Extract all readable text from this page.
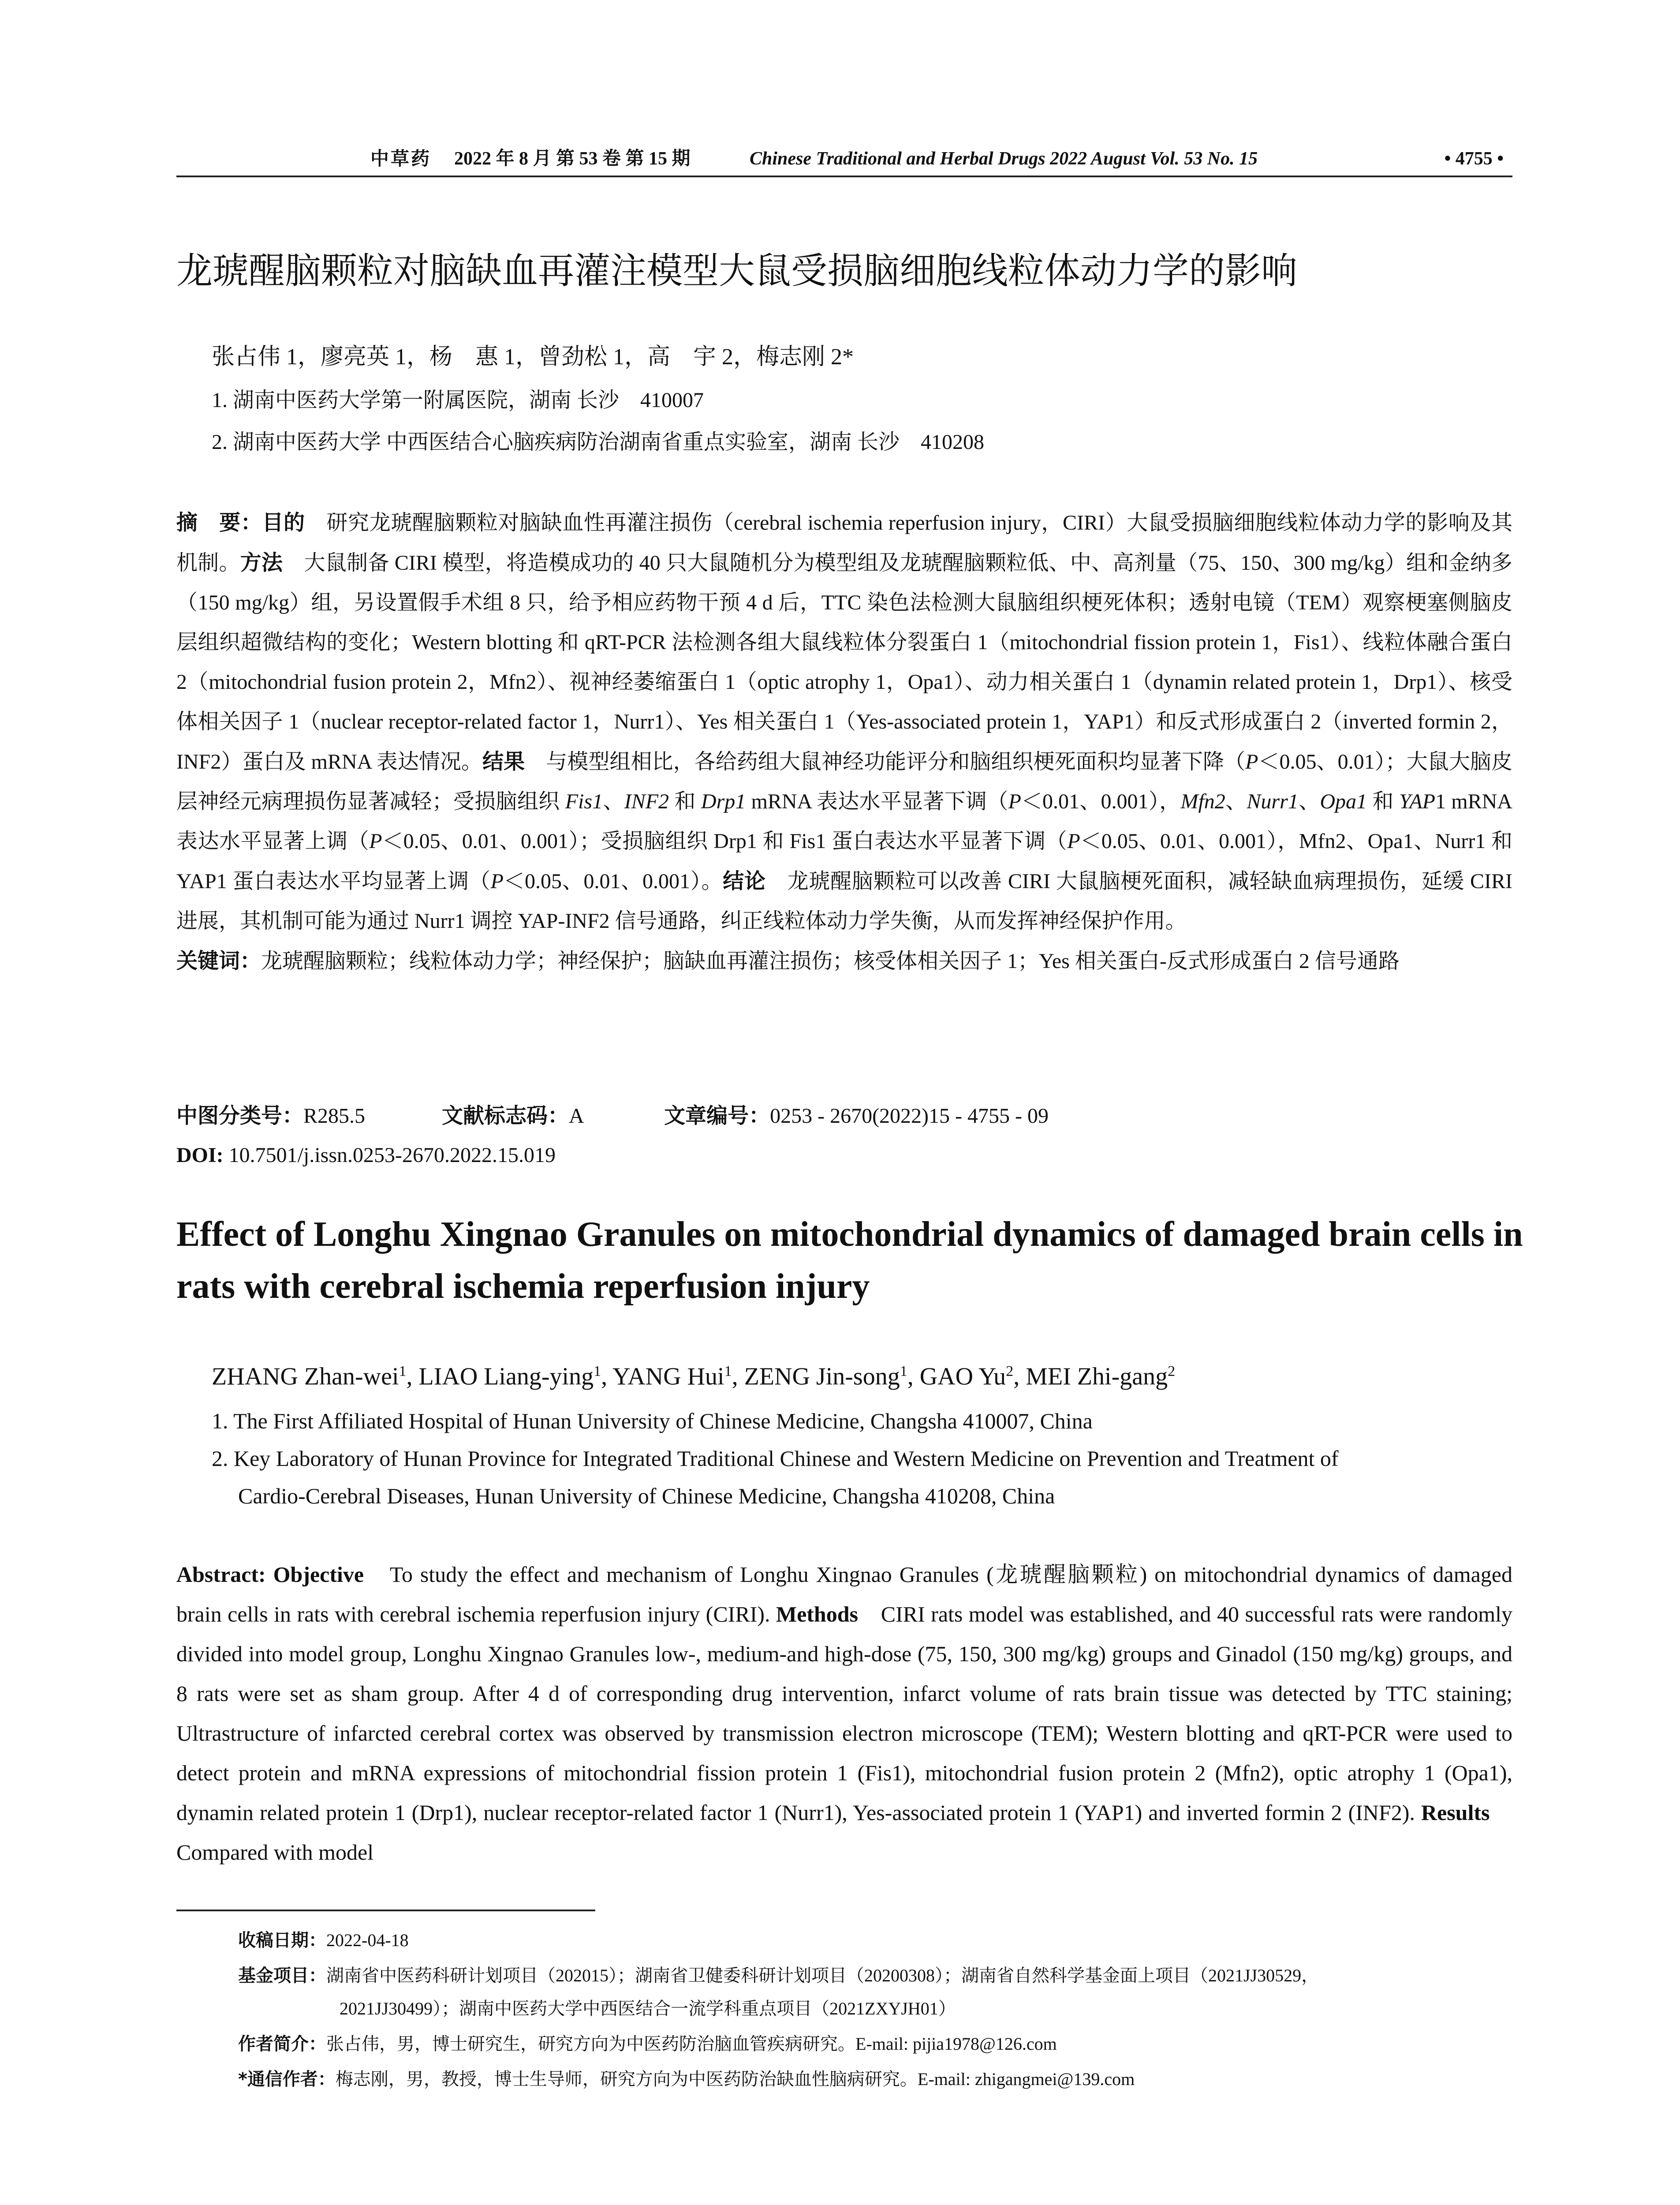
中草药 2022 年 8 月 第 53 卷 第 15 期	Chinese Traditional and Herbal Drugs 2022 August Vol. 53 No. 15	• 4755 •
龙琥醒脑颗粒对脑缺血再灌注模型大鼠受损脑细胞线粒体动力学的影响
张占伟 1，廖亮英 1，杨　惠 1，曾劲松 1，高　宇 2，梅志刚 2*
1. 湖南中医药大学第一附属医院，湖南 长沙　410007
2. 湖南中医药大学 中西医结合心脑疾病防治湖南省重点实验室，湖南 长沙　410208
摘　要：目的　研究龙琥醒脑颗粒对脑缺血性再灌注损伤（cerebral ischemia reperfusion injury，CIRI）大鼠受损脑细胞线粒体动力学的影响及其机制。方法　大鼠制备 CIRI 模型，将造模成功的 40 只大鼠随机分为模型组及龙琥醒脑颗粒低、中、高剂量（75、150、300 mg/kg）组和金纳多（150 mg/kg）组，另设置假手术组 8 只，给予相应药物干预 4 d 后，TTC 染色法检测大鼠脑组织梗死体积；透射电镜（TEM）观察梗塞侧脑皮层组织超微结构的变化；Western blotting 和 qRT-PCR 法检测各组大鼠线粒体分裂蛋白 1（mitochondrial fission protein 1，Fis1）、线粒体融合蛋白 2（mitochondrial fusion protein 2，Mfn2）、视神经萎缩蛋白 1（optic atrophy 1，Opa1）、动力相关蛋白 1（dynamin related protein 1，Drp1）、核受体相关因子 1（nuclear receptor-related factor 1，Nurr1）、Yes 相关蛋白 1（Yes-associated protein 1，YAP1）和反式形成蛋白 2（inverted formin 2，INF2）蛋白及 mRNA 表达情况。结果　与模型组相比，各给药组大鼠神经功能评分和脑组织梗死面积均显著下降（P＜0.05、0.01）；大鼠大脑皮层神经元病理损伤显著减轻；受损脑组织 Fis1、INF2 和 Drp1 mRNA 表达水平显著下调（P＜0.01、0.001），Mfn2、Nurr1、Opa1 和 YAP1 mRNA 表达水平显著上调（P＜0.05、0.01、0.001）；受损脑组织 Drp1 和 Fis1 蛋白表达水平显著下调（P＜0.05、0.01、0.001），Mfn2、Opa1、Nurr1 和 YAP1 蛋白表达水平均显著上调（P＜0.05、0.01、0.001）。结论　龙琥醒脑颗粒可以改善 CIRI 大鼠脑梗死面积，减轻缺血病理损伤，延缓 CIRI 进展，其机制可能为通过 Nurr1 调控 YAP-INF2 信号通路，纠正线粒体动力学失衡，从而发挥神经保护作用。
关键词：龙琥醒脑颗粒；线粒体动力学；神经保护；脑缺血再灌注损伤；核受体相关因子 1；Yes 相关蛋白-反式形成蛋白 2 信号通路
中图分类号：R285.5	文献标志码：A	文章编号：0253 - 2670(2022)15 - 4755 - 09
DOI: 10.7501/j.issn.0253-2670.2022.15.019
Effect of Longhu Xingnao Granules on mitochondrial dynamics of damaged brain cells in rats with cerebral ischemia reperfusion injury
ZHANG Zhan-wei$^1$, LIAO Liang-ying$^1$, YANG Hui$^1$, ZENG Jin-song$^1$, GAO Yu$^2$, MEI Zhi-gang$^2$
1. The First Affiliated Hospital of Hunan University of Chinese Medicine, Changsha 410007, China
2. Key Laboratory of Hunan Province for Integrated Traditional Chinese and Western Medicine on Prevention and Treatment of
Cardio-Cerebral Diseases, Hunan University of Chinese Medicine, Changsha 410208, China
Abstract: Objective　To study the effect and mechanism of Longhu Xingnao Granules (龙琥醒脑颗粒) on mitochondrial dynamics of damaged brain cells in rats with cerebral ischemia reperfusion injury (CIRI). Methods　CIRI rats model was established, and 40 successful rats were randomly divided into model group, Longhu Xingnao Granules low-, medium-and high-dose (75, 150, 300 mg/kg) groups and Ginadol (150 mg/kg) groups, and 8 rats were set as sham group. After 4 d of corresponding drug intervention, infarct volume of rats brain tissue was detected by TTC staining; Ultrastructure of infarcted cerebral cortex was observed by transmission electron microscope (TEM); Western blotting and qRT-PCR were used to detect protein and mRNA expressions of mitochondrial fission protein 1 (Fis1), mitochondrial fusion protein 2 (Mfn2), optic atrophy 1 (Opa1), dynamin related protein 1 (Drp1), nuclear receptor-related factor 1 (Nurr1), Yes-associated protein 1 (YAP1) and inverted formin 2 (INF2). Results　Compared with model
收稿日期：2022-04-18
基金项目：湖南省中医药科研计划项目（202015）；湖南省卫健委科研计划项目（20200308）；湖南省自然科学基金面上项目（2021JJ30529，
2021JJ30499）；湖南中医药大学中西医结合一流学科重点项目（2021ZXYJH01）
作者简介：张占伟，男，博士研究生，研究方向为中医药防治脑血管疾病研究。E-mail: pijia1978@126.com
*通信作者：梅志刚，男，教授，博士生导师，研究方向为中医药防治缺血性脑病研究。E-mail: zhigangmei@139.com
